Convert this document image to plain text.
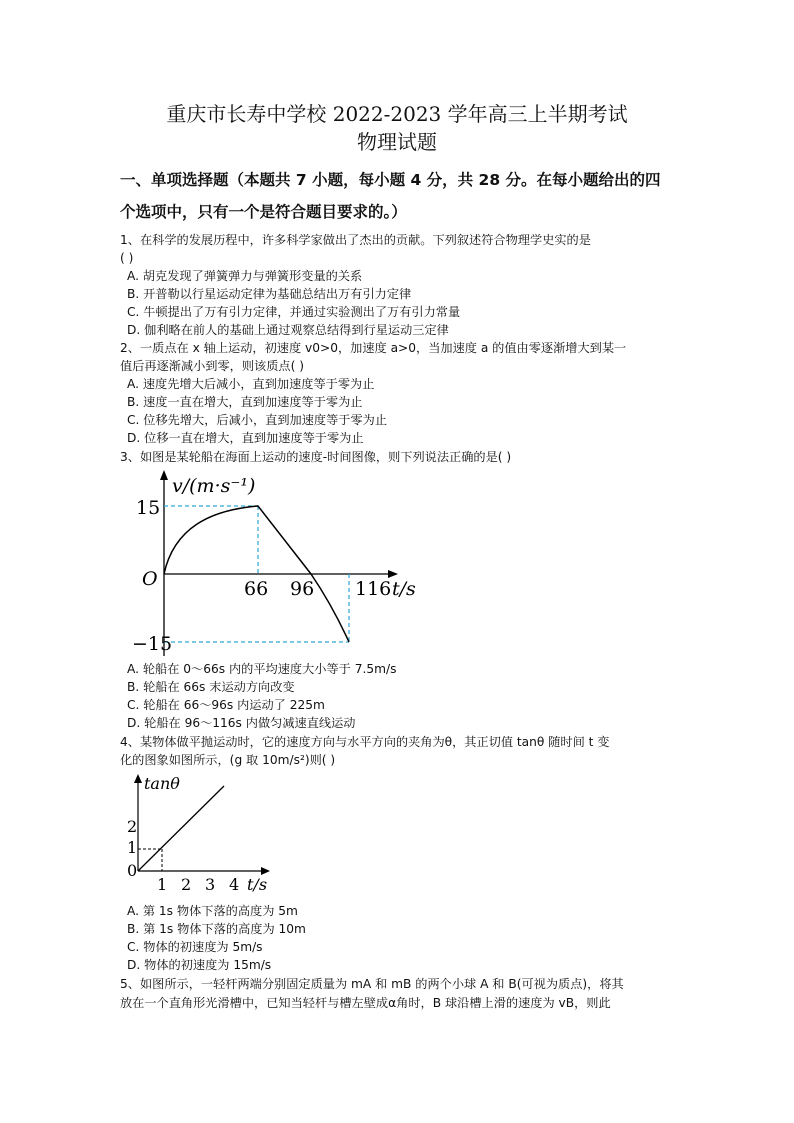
重庆市长寿中学校 2022-2023 学年高三上半期考试
物理试题
一、单项选择题（本题共 7 小题，每小题 4 分，共 28 分。在每小题给出的四
个选项中，只有一个是符合题目要求的。）
1、在科学的发展历程中，许多科学家做出了杰出的贡献。下列叙述符合物理学史实的是
( )
A. 胡克发现了弹簧弹力与弹簧形变量的关系
B. 开普勒以行星运动定律为基础总结出万有引力定律
C. 牛顿提出了万有引力定律，并通过实验测出了万有引力常量
D. 伽利略在前人的基础上通过观察总结得到行星运动三定律
2、一质点在 x 轴上运动，初速度 v0>0，加速度 a>0，当加速度 a 的值由零逐渐增大到某一
值后再逐渐减小到零，则该质点( )
A. 速度先增大后减小，直到加速度等于零为止
B. 速度一直在增大，直到加速度等于零为止
C. 位移先增大，后减小，直到加速度等于零为止
D. 位移一直在增大，直到加速度等于零为止
3、如图是某轮船在海面上运动的速度-时间图像，则下列说法正确的是( )
v/(m·s⁻¹)
15
O
−15
66 96 116 t/s
A. 轮船在 0～66s 内的平均速度大小等于 7.5m/s
B. 轮船在 66s 末运动方向改变
C. 轮船在 66～96s 内运动了 225m
D. 轮船在 96～116s 内做匀减速直线运动
4、某物体做平抛运动时，它的速度方向与水平方向的夹角为θ，其正切值 tanθ 随时间 t 变
化的图象如图所示，(g 取 10m/s²)则( )
tanθ
2
1
0
1 2 3 4 t/s
A. 第 1s 物体下落的高度为 5m
B. 第 1s 物体下落的高度为 10m
C. 物体的初速度为 5m/s
D. 物体的初速度为 15m/s
5、如图所示，一轻杆两端分别固定质量为 mA 和 mB 的两个小球 A 和 B(可视为质点)，将其
放在一个直角形光滑槽中，已知当轻杆与槽左壁成α角时，B 球沿槽上滑的速度为 vB，则此
